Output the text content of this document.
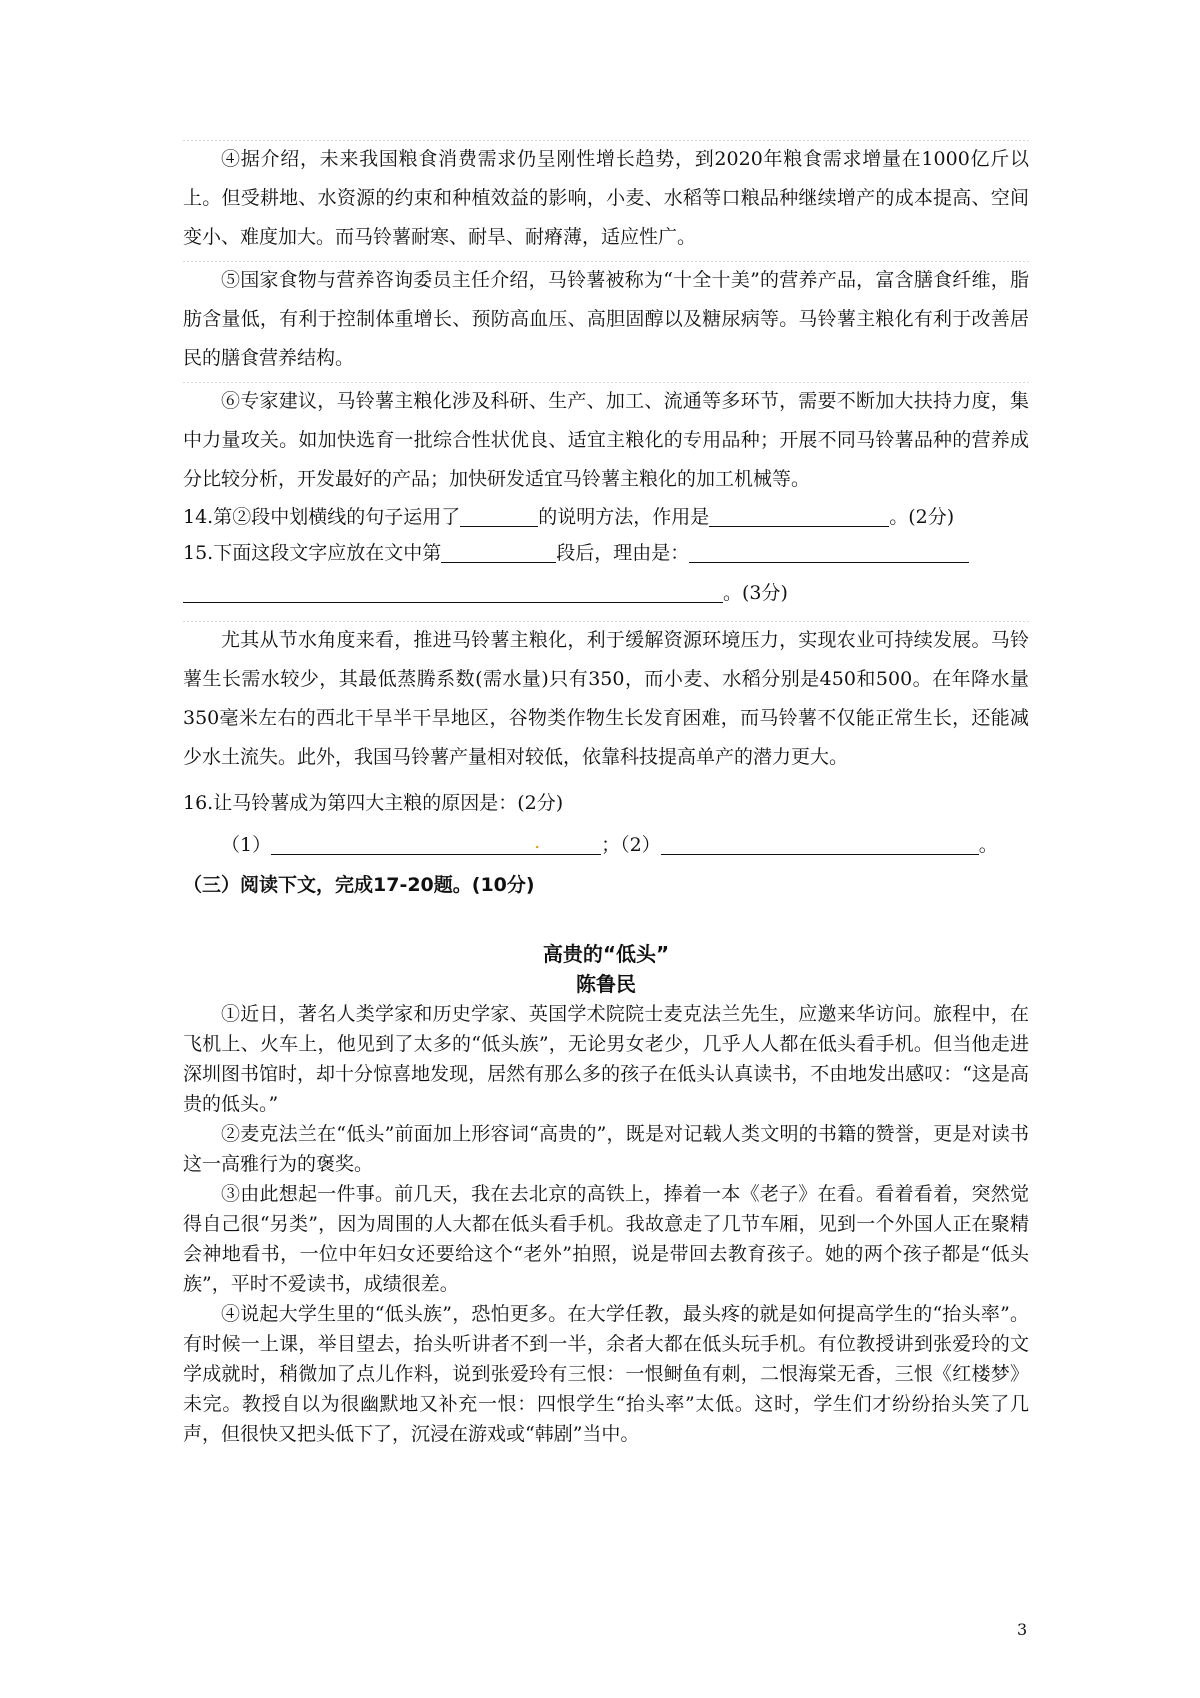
④据介绍，未来我国粮食消费需求仍呈刚性增长趋势，到2020年粮食需求增量在1000亿斤以上。但受耕地、水资源的约束和种植效益的影响，小麦、水稻等口粮品种继续增产的成本提高、空间变小、难度加大。而马铃薯耐寒、耐旱、耐瘠薄，适应性广。

⑤国家食物与营养咨询委员主任介绍，马铃薯被称为“十全十美”的营养产品，富含膳食纤维，脂肪含量低，有利于控制体重增长、预防高血压、高胆固醇以及糖尿病等。马铃薯主粮化有利于改善居民的膳食营养结构。

⑥专家建议，马铃薯主粮化涉及科研、生产、加工、流通等多环节，需要不断加大扶持力度，集中力量攻关。如加快选育一批综合性状优良、适宜主粮化的专用品种；开展不同马铃薯品种的营养成分比较分析，开发最好的产品；加快研发适宜马铃薯主粮化的加工机械等。

14.第②段中划横线的句子运用了	的说明方法，作用是	。(2分)

15.下面这段文字应放在文中第	段后，理由是：

。(3分)

尤其从节水角度来看，推进马铃薯主粮化，利于缓解资源环境压力，实现农业可持续发展。马铃薯生长需水较少，其最低蒸腾系数(需水量)只有350，而小麦、水稻分别是450和500。在年降水量350毫米左右的西北干旱半干旱地区，谷物类作物生长发育困难，而马铃薯不仅能正常生长，还能减少水土流失。此外，我国马铃薯产量相对较低，依靠科技提高单产的潜力更大。

16.让马铃薯成为第四大主粮的原因是：(2分)

（1）	.	；（2）	。

（三）阅读下文，完成17-20题。(10分)

高贵的“低头”

陈鲁民

①近日，著名人类学家和历史学家、英国学术院院士麦克法兰先生，应邀来华访问。旅程中，在飞机上、火车上，他见到了太多的“低头族”，无论男女老少，几乎人人都在低头看手机。但当他走进深圳图书馆时，却十分惊喜地发现，居然有那么多的孩子在低头认真读书，不由地发出感叹：“这是高贵的低头。”

②麦克法兰在“低头”前面加上形容词“高贵的”，既是对记载人类文明的书籍的赞誉，更是对读书这一高雅行为的褒奖。

③由此想起一件事。前几天，我在去北京的高铁上，捧着一本《老子》在看。看着看着，突然觉得自己很“另类”，因为周围的人大都在低头看手机。我故意走了几节车厢，见到一个外国人正在聚精会神地看书，一位中年妇女还要给这个“老外”拍照，说是带回去教育孩子。她的两个孩子都是“低头族”，平时不爱读书，成绩很差。

④说起大学生里的“低头族”，恐怕更多。在大学任教，最头疼的就是如何提高学生的“抬头率”。有时候一上课，举目望去，抬头听讲者不到一半，余者大都在低头玩手机。有位教授讲到张爱玲的文学成就时，稍微加了点儿作料，说到张爱玲有三恨：一恨鲥鱼有刺，二恨海棠无香，三恨《红楼梦》未完。教授自以为很幽默地又补充一恨：四恨学生“抬头率”太低。这时，学生们才纷纷抬头笑了几声，但很快又把头低下了，沉浸在游戏或“韩剧”当中。

3
